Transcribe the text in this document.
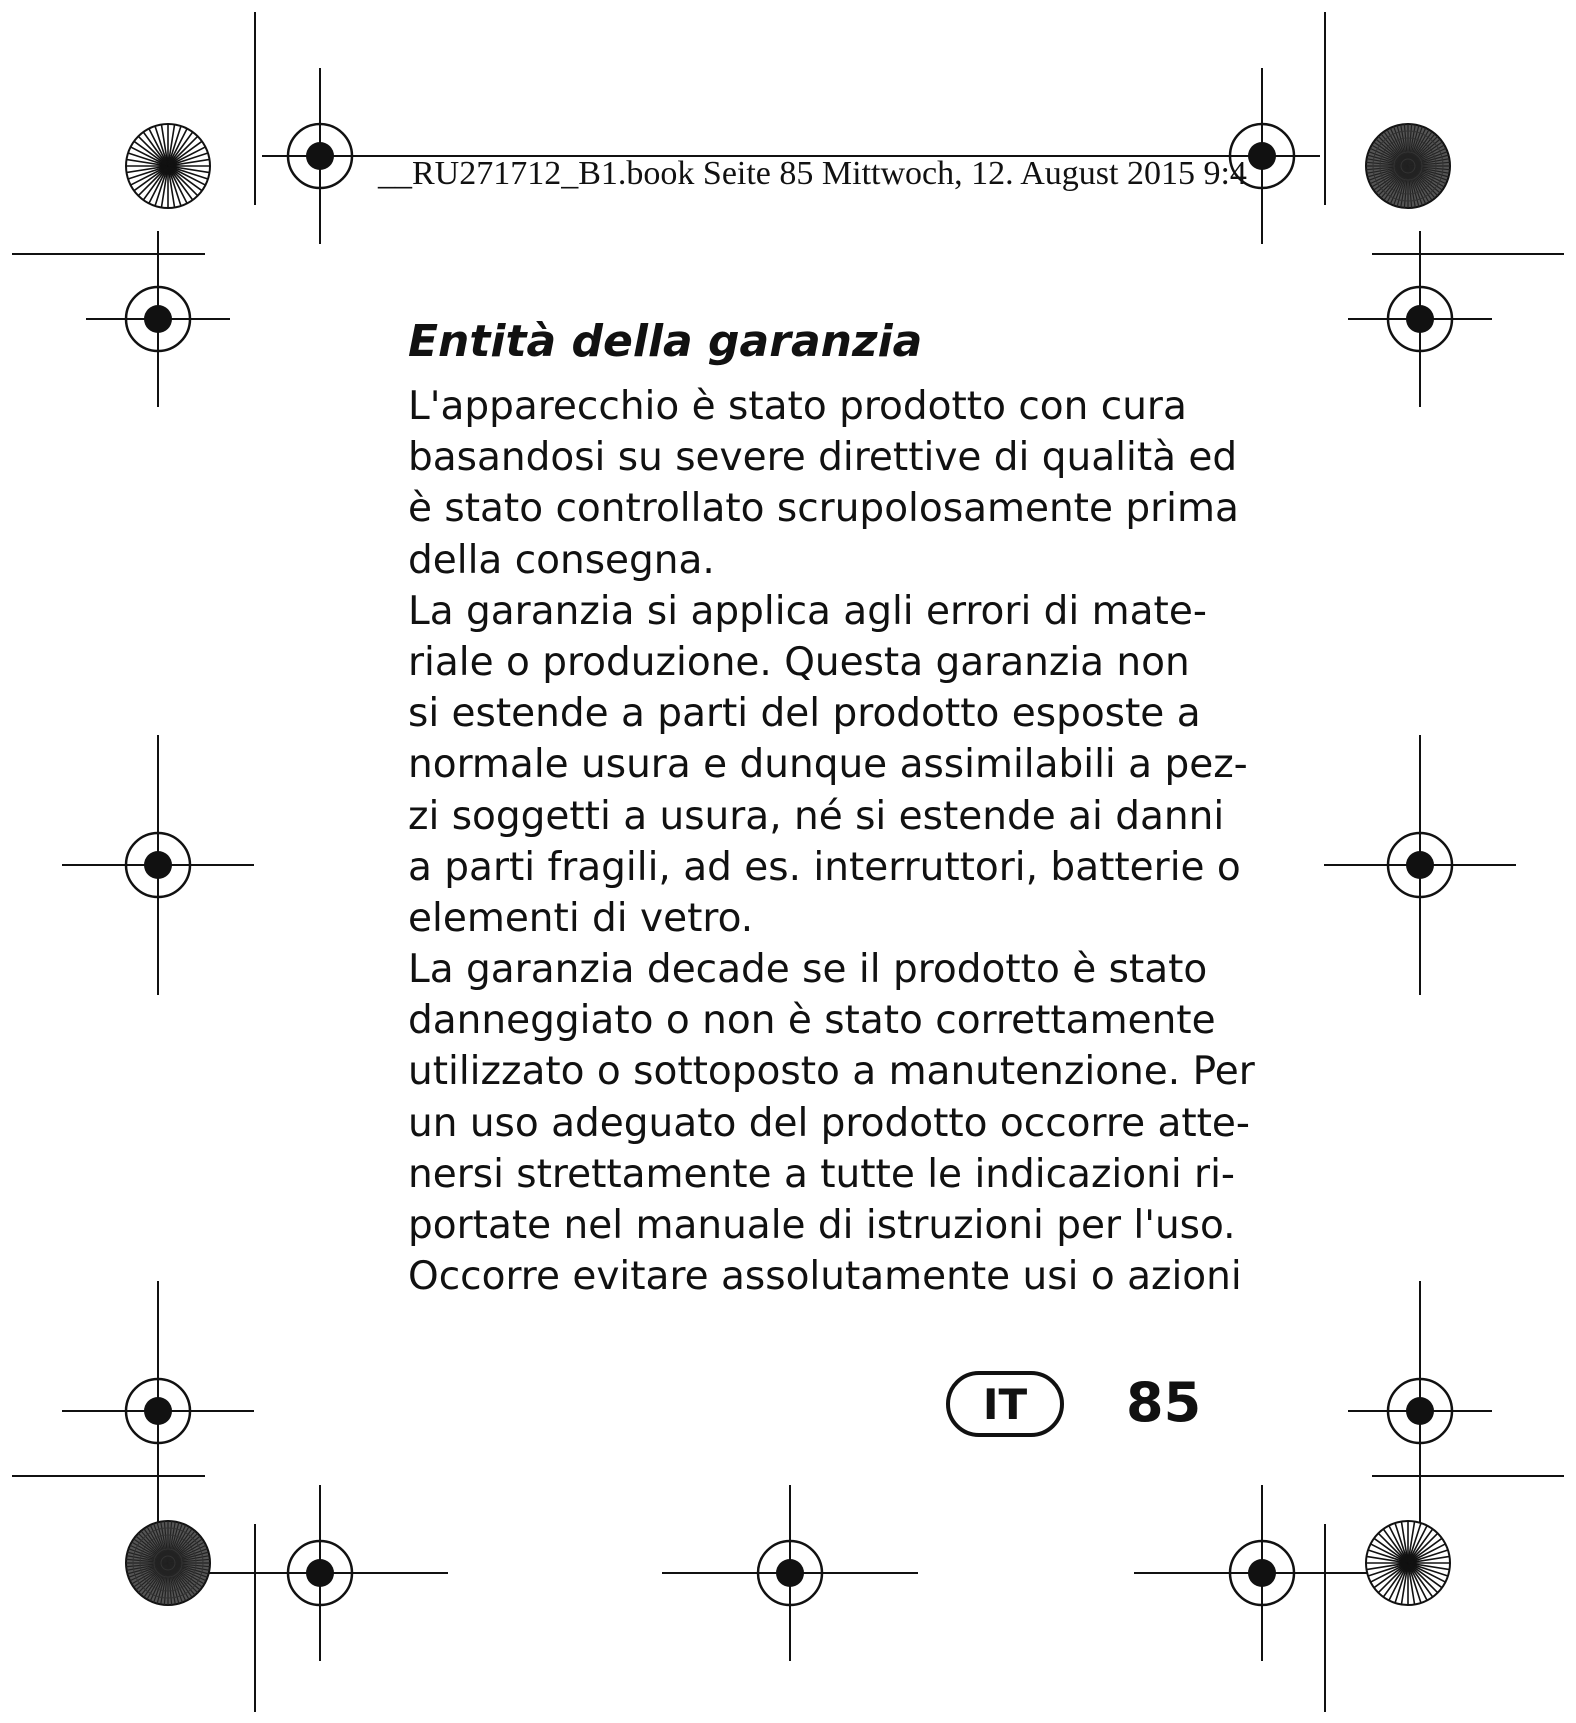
__RU271712_B1.book Seite 85 Mittwoch, 12. August 2015 9:4
Entità della garanzia
L'apparecchio è stato prodotto con cura
basandosi su severe direttive di qualità ed
è stato controllato scrupolosamente prima
della consegna.
La garanzia si applica agli errori di mate-
riale o produzione. Questa garanzia non
si estende a parti del prodotto esposte a
normale usura e dunque assimilabili a pez-
zi soggetti a usura, né si estende ai danni
a parti fragili, ad es. interruttori, batterie o
elementi di vetro.
La garanzia decade se il prodotto è stato
danneggiato o non è stato correttamente
utilizzato o sottoposto a manutenzione. Per
un uso adeguato del prodotto occorre atte-
nersi strettamente a tutte le indicazioni ri-
portate nel manuale di istruzioni per l'uso.
Occorre evitare assolutamente usi o azioni
IT	85
